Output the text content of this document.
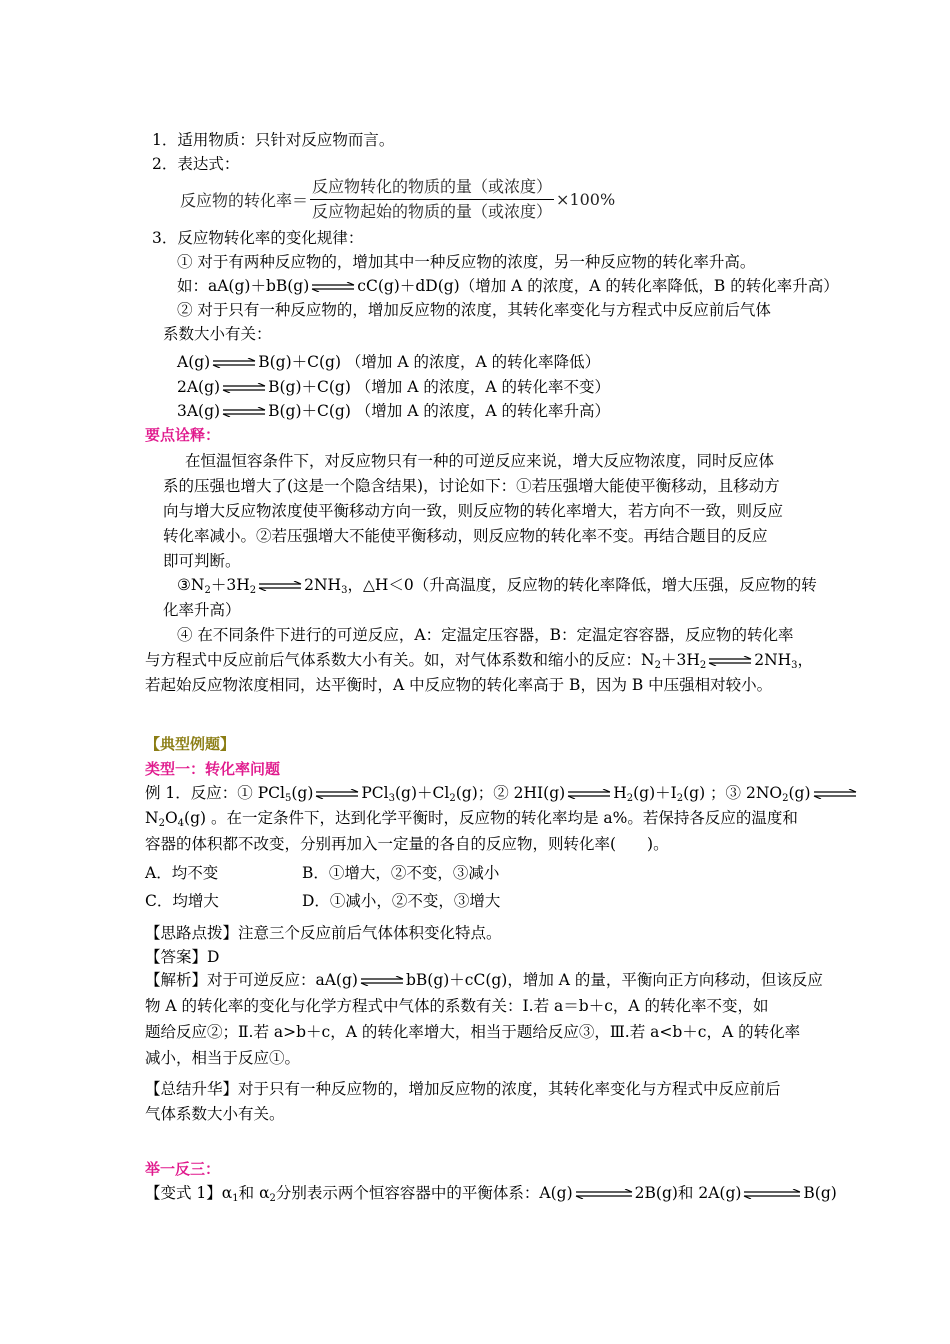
1．适用物质：只针对反应物而言。
2．表达式：
反应物的转化率＝ $\frac{\text{反应物转化的物质的量（或浓度）}}{\text{反应物起始的物质的量（或浓度）}} \times 100\%$
3．反应物转化率的变化规律：
① 对于有两种反应物的，增加其中一种反应物的浓度，另一种反应物的转化率升高。
如：aA(g)＋bB(g)⇌cC(g)＋dD(g)（增加 A 的浓度，A 的转化率降低，B 的转化率升高）
② 对于只有一种反应物的，增加反应物的浓度，其转化率变化与方程式中反应前后气体
系数大小有关：
A(g)⇌B(g)＋C(g) （增加 A 的浓度，A 的转化率降低）
2A(g)⇌B(g)＋C(g) （增加 A 的浓度，A 的转化率不变）
3A(g)⇌B(g)＋C(g) （增加 A 的浓度，A 的转化率升高）
要点诠释：
在恒温恒容条件下，对反应物只有一种的可逆反应来说，增大反应物浓度，同时反应体
系的压强也增大了(这是一个隐含结果)，讨论如下：①若压强增大能使平衡移动，且移动方
向与增大反应物浓度使平衡移动方向一致，则反应物的转化率增大，若方向不一致，则反应
转化率减小。②若压强增大不能使平衡移动，则反应物的转化率不变。再结合题目的反应
即可判断。
$③N_2+3H_2\rightleftharpoons 2NH_3$，△H＜0（升高温度，反应物的转化率降低，增大压强，反应物的转
化率升高）
④ 在不同条件下进行的可逆反应，A：定温定压容器，B：定温定容容器，反应物的转化率
与方程式中反应前后气体系数大小有关。如，对气体系数和缩小的反应：$N_2+3H_2\rightleftharpoons 2NH_3$，
若起始反应物浓度相同，达平衡时，A 中反应物的转化率高于 B，因为 B 中压强相对较小。
【典型例题】
类型一：转化率问题
例 1．反应：① $PCl_5(g)\rightleftharpoons PCl_3(g)+Cl_2(g)$；② $2HI(g)\rightleftharpoons H_2(g)+I_2(g)$ ；③ $2NO_2(g)\rightleftharpoons$
$N_2O_4(g)$ 。在一定条件下，达到化学平衡时，反应物的转化率均是 a%。若保持各反应的温度和
容器的体积都不改变，分别再加入一定量的各自的反应物，则转化率(　　)。
A．均不变	B．①增大，②不变，③减小
C．均增大	D．①减小，②不变，③增大
【思路点拨】注意三个反应前后气体体积变化特点。
【答案】D
【解析】对于可逆反应：aA(g)⇌bB(g)＋cC(g)，增加 A 的量，平衡向正方向移动，但该反应
物 A 的转化率的变化与化学方程式中气体的系数有关：Ⅰ.若 a＝b＋c，A 的转化率不变，如
题给反应②；Ⅱ.若 a>b＋c，A 的转化率增大，相当于题给反应③，Ⅲ.若 a<b＋c，A 的转化率
减小，相当于反应①。
【总结升华】对于只有一种反应物的，增加反应物的浓度，其转化率变化与方程式中反应前后
气体系数大小有关。
举一反三：
【变式 1】$\alpha_1$和 $\alpha_2$分别表示两个恒容容器中的平衡体系：A(g)⇌2B(g)和 2A(g)⇌B(g)
